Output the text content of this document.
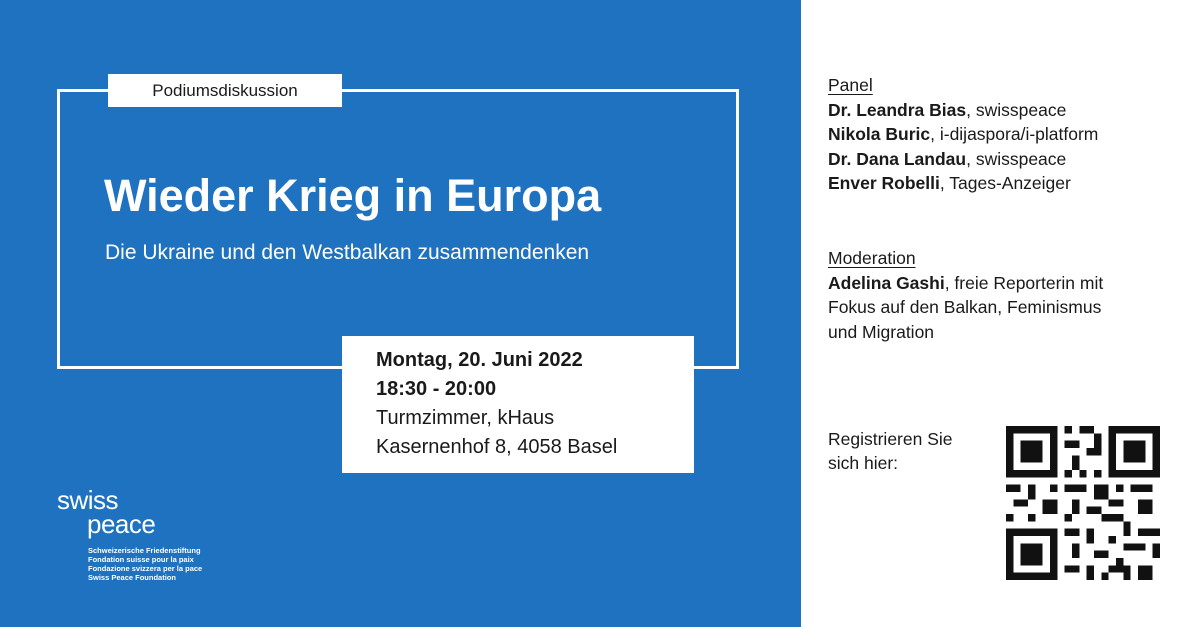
Podiumsdiskussion
Wieder Krieg in Europa
Die Ukraine und den Westbalkan zusammendenken
Montag, 20. Juni 2022
18:30 - 20:00
Turmzimmer, kHaus
Kasernenhof 8, 4058 Basel
swiss
peace
Schweizerische Friedenstiftung
Fondation suisse pour la paix
Fondazione svizzera per la pace
Swiss Peace Foundation
Panel
Dr. Leandra Bias, swisspeace
Nikola Buric, i-dijaspora/i-platform
Dr. Dana Landau, swisspeace
Enver Robelli, Tages-Anzeiger
Moderation
Adelina Gashi, freie Reporterin mit
Fokus auf den Balkan, Feminismus
und Migration
Registrieren Sie
sich hier:
